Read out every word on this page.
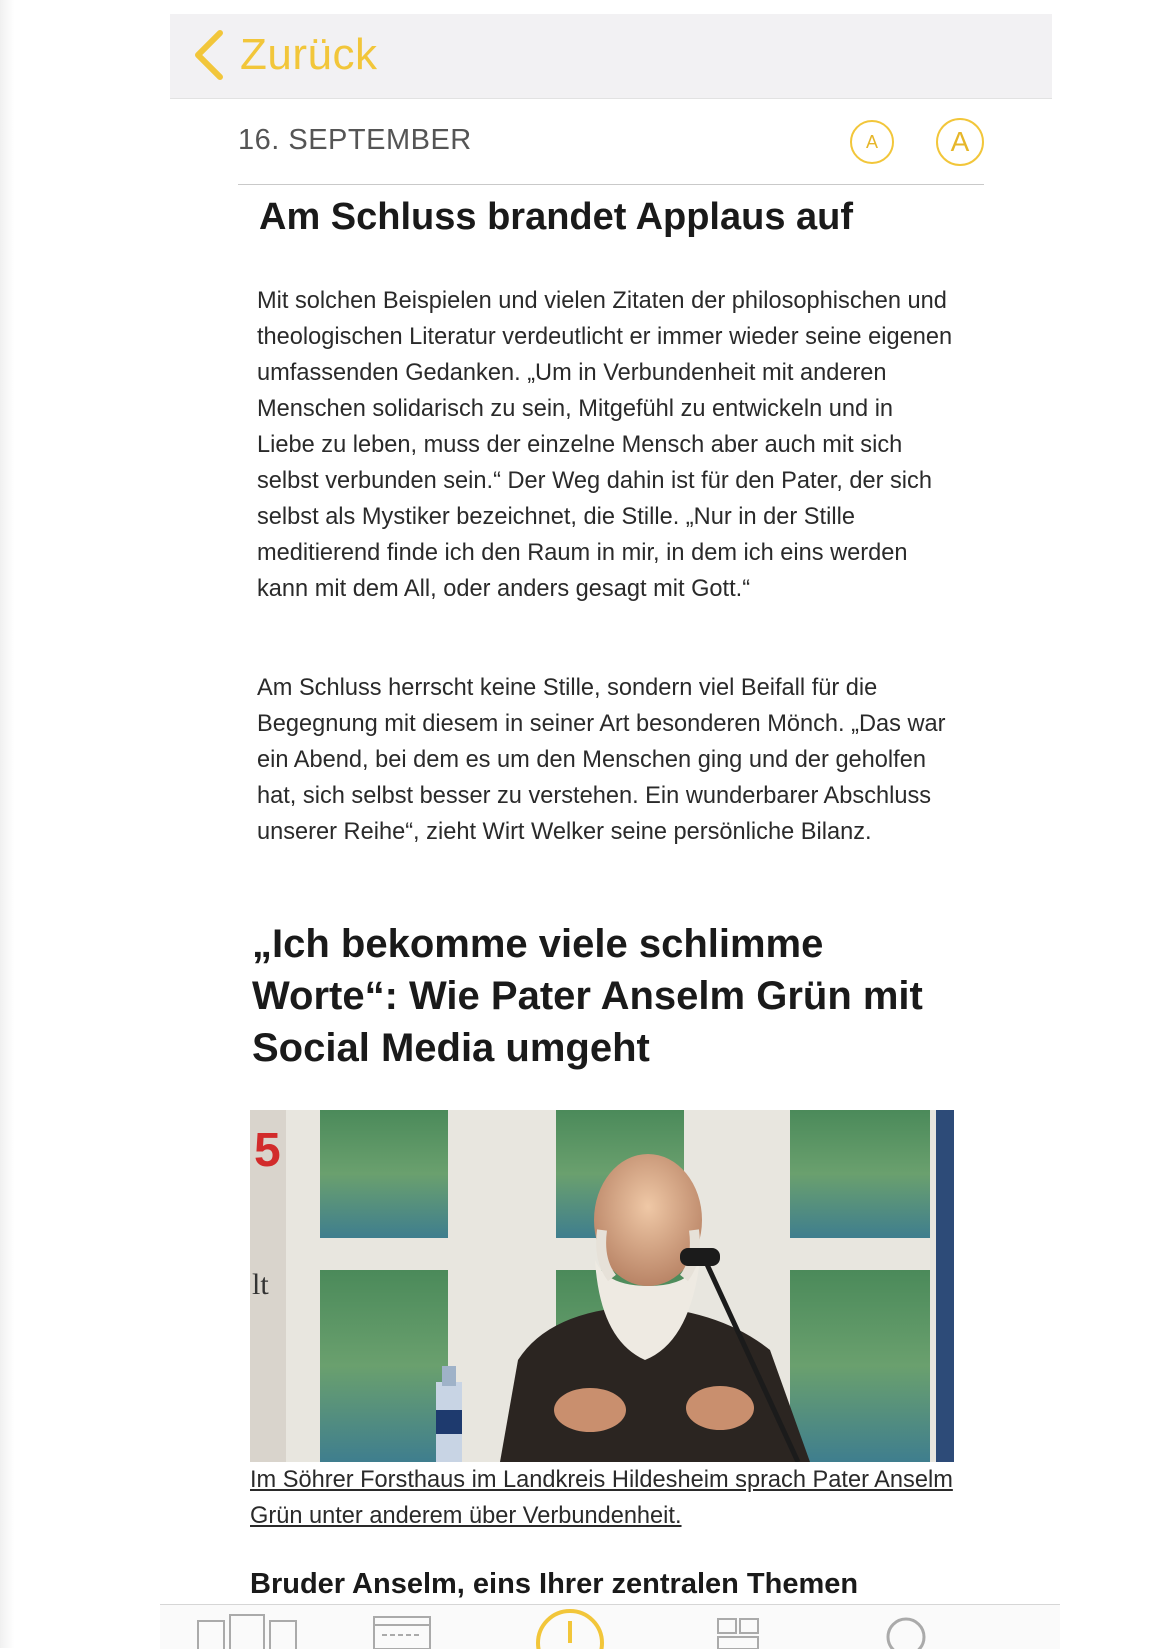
Zurück
16. SEPTEMBER	A	A
Am Schluss brandet Applaus auf

Mit solchen Beispielen und vielen Zitaten der philosophischen und theologischen Literatur verdeutlicht er immer wieder seine eigenen umfassenden Gedanken. „Um in Verbundenheit mit anderen Menschen solidarisch zu sein, Mitgefühl zu entwickeln und in Liebe zu leben, muss der einzelne Mensch aber auch mit sich selbst verbunden sein.“ Der Weg dahin ist für den Pater, der sich selbst als Mystiker bezeichnet, die Stille. „Nur in der Stille meditierend finde ich den Raum in mir, in dem ich eins werden kann mit dem All, oder anders gesagt mit Gott.“

Am Schluss herrscht keine Stille, sondern viel Beifall für die Begegnung mit diesem in seiner Art besonderen Mönch. „Das war ein Abend, bei dem es um den Menschen ging und der geholfen hat, sich selbst besser zu verstehen. Ein wunderbarer Abschluss unserer Reihe“, zieht Wirt Welker seine persönliche Bilanz.

„Ich bekomme viele schlimme Worte“: Wie Pater Anselm Grün mit Social Media umgeht
5
lt

Im Söhrer Forsthaus im Landkreis Hildesheim sprach Pater Anselm Grün unter anderem über Verbundenheit.

Bruder Anselm, eins Ihrer zentralen Themen
